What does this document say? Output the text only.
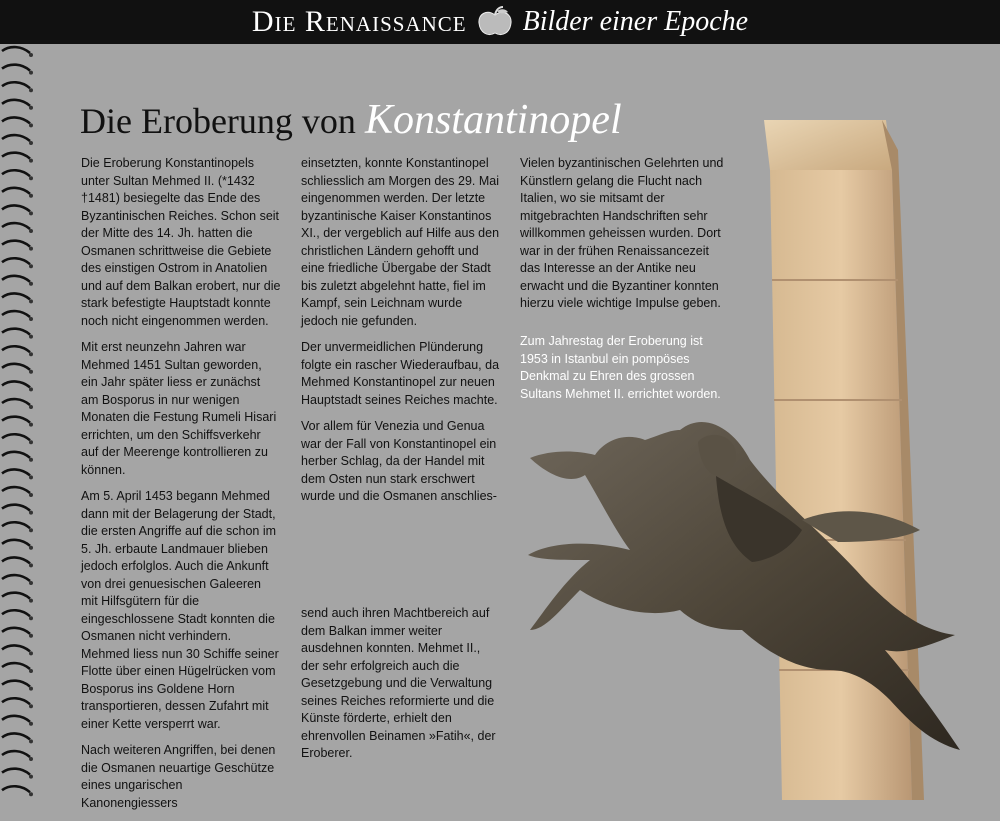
Die Renaissance Bilder einer Epoche
Die Eroberung von Konstantinopel

Die Eroberung Konstantinopels unter Sultan Mehmed II. (*1432 †1481) besiegelte das Ende des Byzantinischen Reiches. Schon seit der Mitte des 14. Jh. hatten die Osmanen schrittweise die Gebiete des einstigen Ostrom in Anatolien und auf dem Balkan erobert, nur die stark befestigte Hauptstadt konnte noch nicht eingenommen werden.

Mit erst neunzehn Jahren war Mehmed 1451 Sultan geworden, ein Jahr später liess er zunächst am Bosporus in nur wenigen Monaten die Festung Rumeli Hisari errichten, um den Schiffsverkehr auf der Meerenge kontrollieren zu können.

Am 5. April 1453 begann Mehmed dann mit der Belagerung der Stadt, die ersten Angriffe auf die schon im 5. Jh. erbaute Landmauer blieben jedoch erfolglos. Auch die Ankunft von drei genuesischen Galeeren mit Hilfsgütern für die eingeschlossene Stadt konnten die Osmanen nicht verhindern. Mehmed liess nun 30 Schiffe seiner Flotte über einen Hügelrücken vom Bosporus ins Goldene Horn transportieren, dessen Zufahrt mit einer Kette versperrt war.

Nach weiteren Angriffen, bei denen die Osmanen neuartige Geschütze eines ungarischen Kanonengiessers

einsetzten, konnte Konstantinopel schliesslich am Morgen des 29. Mai eingenommen werden. Der letzte byzantinische Kaiser Konstantinos XI., der vergeblich auf Hilfe aus den christlichen Ländern gehofft und eine friedliche Übergabe der Stadt bis zuletzt abgelehnt hatte, fiel im Kampf, sein Leichnam wurde jedoch nie gefunden.

Der unvermeidlichen Plünderung folgte ein rascher Wiederaufbau, da Mehmed Konstantinopel zur neuen Hauptstadt seines Reiches machte.

Vor allem für Venezia und Genua war der Fall von Konstantinopel ein herber Schlag, da der Handel mit dem Osten nun stark erschwert wurde und die Osmanen anschlies-

send auch ihren Machtbereich auf dem Balkan immer weiter ausdehnen konnten. Mehmet II., der sehr erfolgreich auch die Gesetzgebung und die Verwaltung seines Reiches reformierte und die Künste förderte, erhielt den ehrenvollen Beinamen »Fatih«, der Eroberer.

Vielen byzantinischen Gelehrten und Künstlern gelang die Flucht nach Italien, wo sie mitsamt der mitgebrachten Handschriften sehr willkommen geheissen wurden. Dort war in der frühen Renaissancezeit das Interesse an der Antike neu erwacht und die Byzantiner konnten hierzu viele wichtige Impulse geben.

Zum Jahrestag der Eroberung ist 1953 in Istanbul ein pompöses Denkmal zu Ehren des grossen Sultans Mehmet II. errichtet worden.
